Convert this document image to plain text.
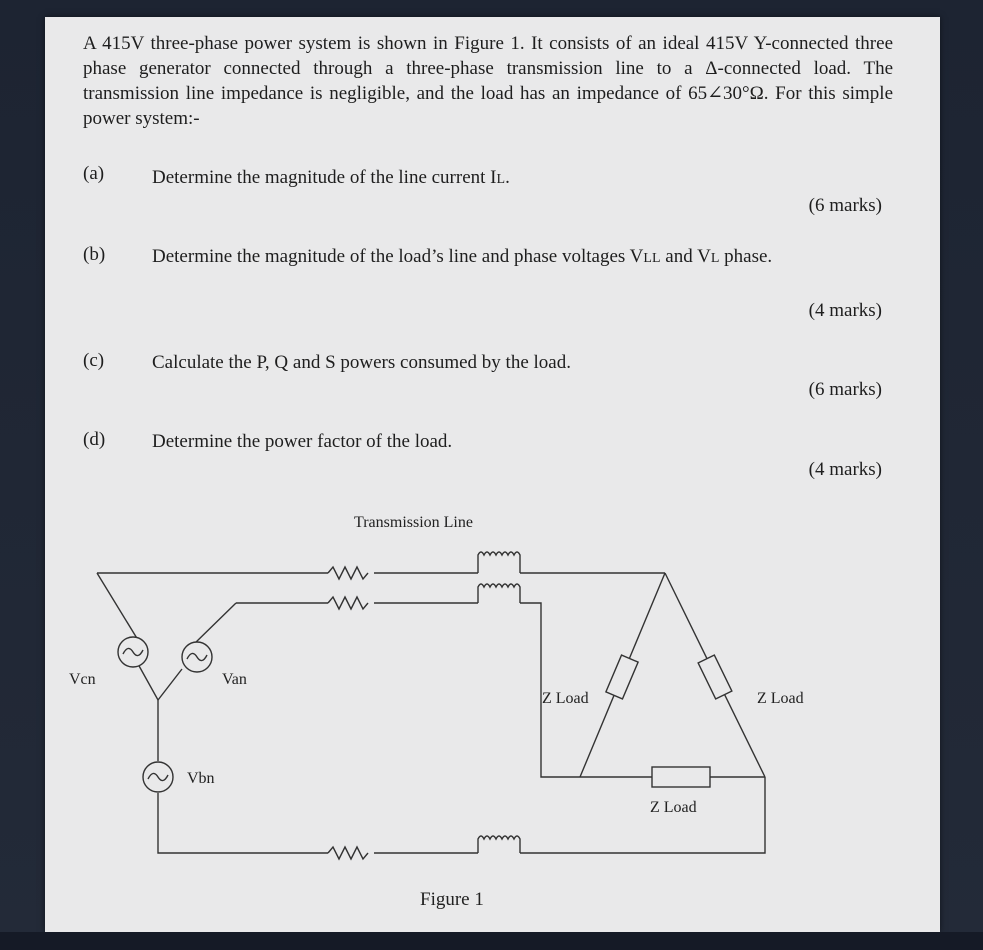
A 415V three-phase power system is shown in Figure 1. It consists of an ideal 415V Y-connected three phase generator connected through a three-phase transmission line to a Δ-connected load. The transmission line impedance is negligible, and the load has an impedance of 65∠30°Ω. For this simple power system:-

(a)	Determine the magnitude of the line current IL.

(6 marks)
(b) Determine the magnitude of the load’s line and phase voltages VLL and VL phase.

(4 marks)
(c)	Calculate the P, Q and S powers consumed by the load.

(6 marks)
(d) Determine the power factor of the load.

(4 marks)
Transmission Line
Vcn	Van
Vbn
Z Load	Z Load
Z Load
Figure 1
